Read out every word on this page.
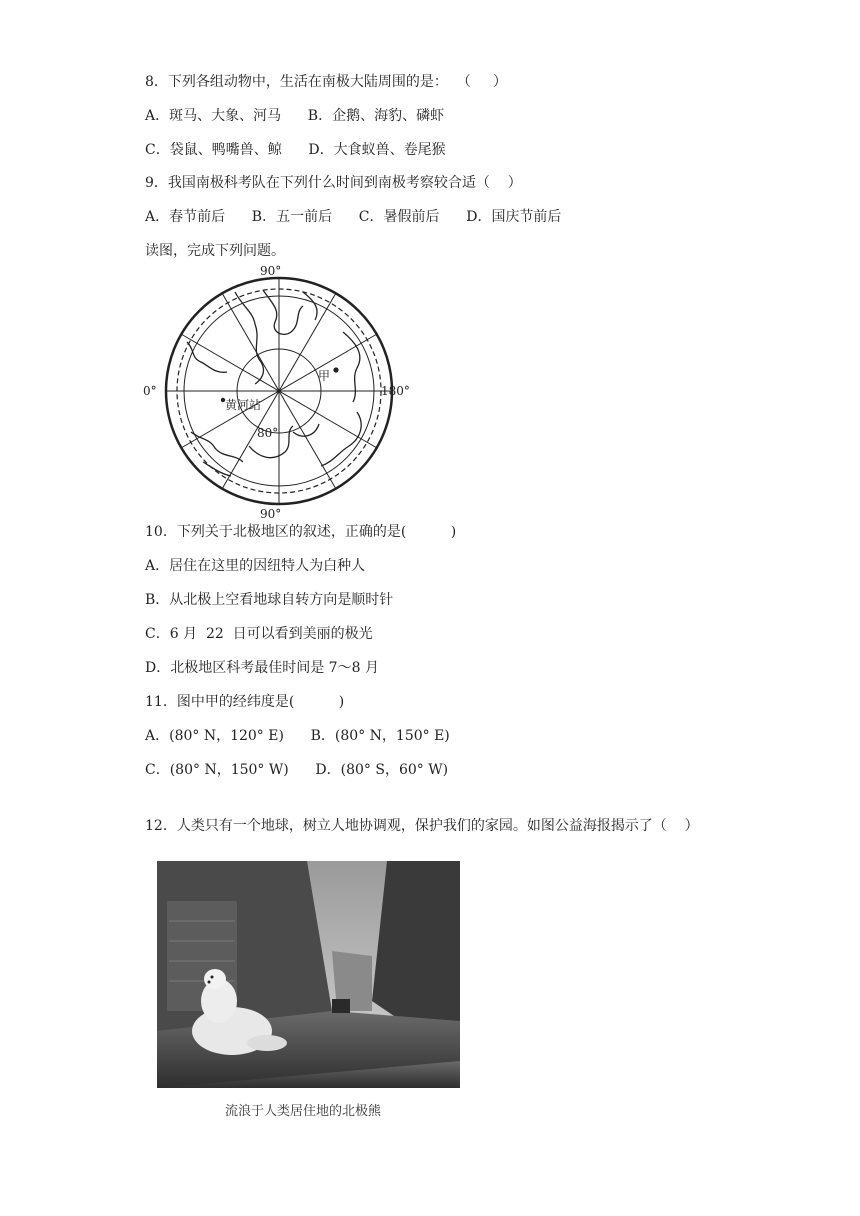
8．下列各组动物中，生活在南极大陆周围的是：  （     ）
A．斑马、大象、河马      B．企鹅、海豹、磷虾
C．袋鼠、鸭嘴兽、鲸      D．大食蚁兽、卷尾猴
9．我国南极科考队在下列什么时间到南极考察较合适（    ）
A．春节前后      B．五一前后      C．暑假前后      D．国庆节前后
读图，完成下列问题。
90°
90°
0°	180°
80°
甲
黄河站
10．下列关于北极地区的叙述，正确的是(          )
A．居住在这里的因纽特人为白种人
B．从北极上空看地球自转方向是顺时针
C．6 月  22  日可以看到美丽的极光
D．北极地区科考最佳时间是 7～8 月
11．图中甲的经纬度是(          )
A．(80° N，120° E)      B．(80° N，150° E)
C．(80° N，150° W)      D．(80° S，60° W)
12．人类只有一个地球，树立人地协调观，保护我们的家园。如图公益海报揭示了（    ）
流浪于人类居住地的北极熊
